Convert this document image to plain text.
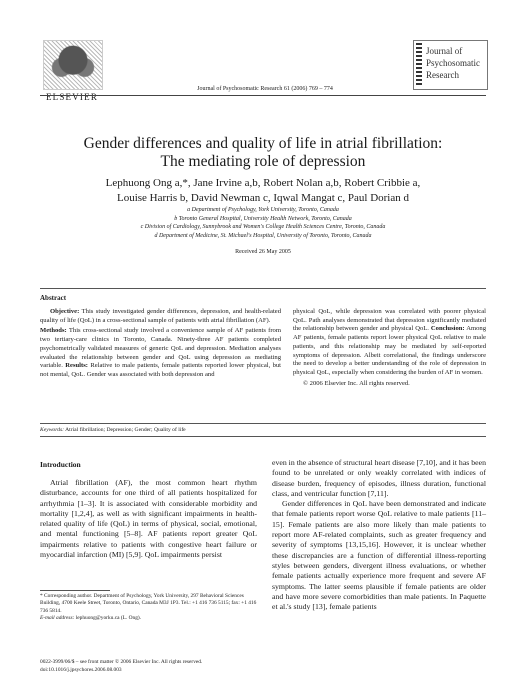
ELSEVIER
Journal of Psychosomatic Research 61 (2006) 769 – 774
Journal of
Psychosomatic
Research
Gender differences and quality of life in atrial fibrillation:
The mediating role of depression
Lephuong Ong a,*, Jane Irvine a,b, Robert Nolan a,b, Robert Cribbie a,
Louise Harris b, David Newman c, Iqwal Mangat c, Paul Dorian d
a Department of Psychology, York University, Toronto, Canada
b Toronto General Hospital, University Health Network, Toronto, Canada
c Division of Cardiology, Sunnybrook and Women's College Health Sciences Centre, Toronto, Canada
d Department of Medicine, St. Michael's Hospital, University of Toronto, Toronto, Canada
Received 26 May 2005
Abstract

Objective: This study investigated gender differences, depression, and health-related quality of life (QoL) in a cross-sectional sample of patients with atrial fibrillation (AF).

Methods: This cross-sectional study involved a convenience sample of AF patients from two tertiary-care clinics in Toronto, Canada. Ninety-three AF patients completed psychometrically validated measures of generic QoL and depression. Mediation analyses evaluated the relationship between gender and QoL using depression as mediating variable. Results: Relative to male patients, female patients reported lower physical, but not mental, QoL. Gender was associated with both depression and

physical QoL, while depression was correlated with poorer physical QoL. Path analyses demonstrated that depression significantly mediated the relationship between gender and physical QoL. Conclusion: Among AF patients, female patients report lower physical QoL relative to male patients, and this relationship may be mediated by self-reported symptoms of depression. Albeit correlational, the findings underscore the need to develop a better understanding of the role of depression in physical QoL, especially when considering the burden of AF in women.

© 2006 Elsevier Inc. All rights reserved.

Keywords: Atrial fibrillation; Depression; Gender; Quality of life
Introduction

Atrial fibrillation (AF), the most common heart rhythm disturbance, accounts for one third of all patients hospitalized for arrhythmia [1–3]. It is associated with considerable morbidity and mortality [1,2,4], as well as with significant impairments in health-related quality of life (QoL) in terms of physical, social, emotional, and mental functioning [5–8]. AF patients report greater QoL impairments relative to patients with congestive heart failure or myocardial infarction (MI) [5,9]. QoL impairments persist

even in the absence of structural heart disease [7,10], and it has been found to be unrelated or only weakly correlated with indices of disease burden, frequency of episodes, illness duration, functional class, and ventricular function [7,11].

Gender differences in QoL have been demonstrated and indicate that female patients report worse QoL relative to male patients [11–15]. Female patients are also more likely than male patients to report more AF-related complaints, such as greater frequency and severity of symptoms [13,15,16]. However, it is unclear whether these discrepancies are a function of differential illness-reporting styles between genders, divergent illness evaluations, or whether female patients actually experience more frequent and severe AF symptoms. The latter seems plausible if female patients are older and have more severe comorbidities than male patients. In Paquette et al.'s study [13], female patients

* Corresponding author. Department of Psychology, York University, 297 Behavioral Sciences Building, 4700 Keele Street, Toronto, Ontario, Canada M3J 1P3. Tel.: +1 416 736 5115; fax: +1 416 736 5814.
E-mail address: lephuong@yorku.ca (L. Ong).
0022-3999/06/$ – see front matter © 2006 Elsevier Inc. All rights reserved.
doi:10.1016/j.jpsychores.2006.08.003
